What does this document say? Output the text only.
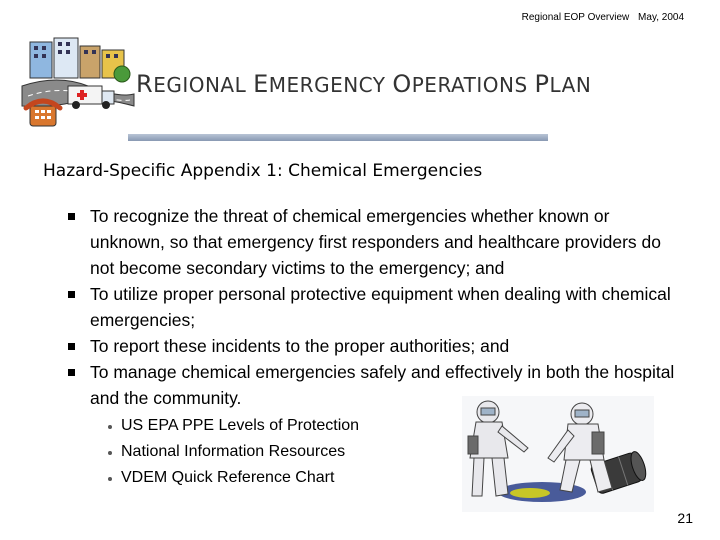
Regional EOP Overview May, 2004
REGIONAL EMERGENCY OPERATIONS PLAN
Hazard-Specific Appendix 1: Chemical Emergencies
To recognize the threat of chemical emergencies whether known or unknown, so that emergency first responders and healthcare providers do not become secondary victims to the emergency; and
To utilize proper personal protective equipment when dealing with chemical emergencies;
To report these incidents to the proper authorities; and
To manage chemical emergencies safely and effectively in both the hospital and the community.
US EPA PPE Levels of Protection
National Information Resources
VDEM Quick Reference Chart
21
